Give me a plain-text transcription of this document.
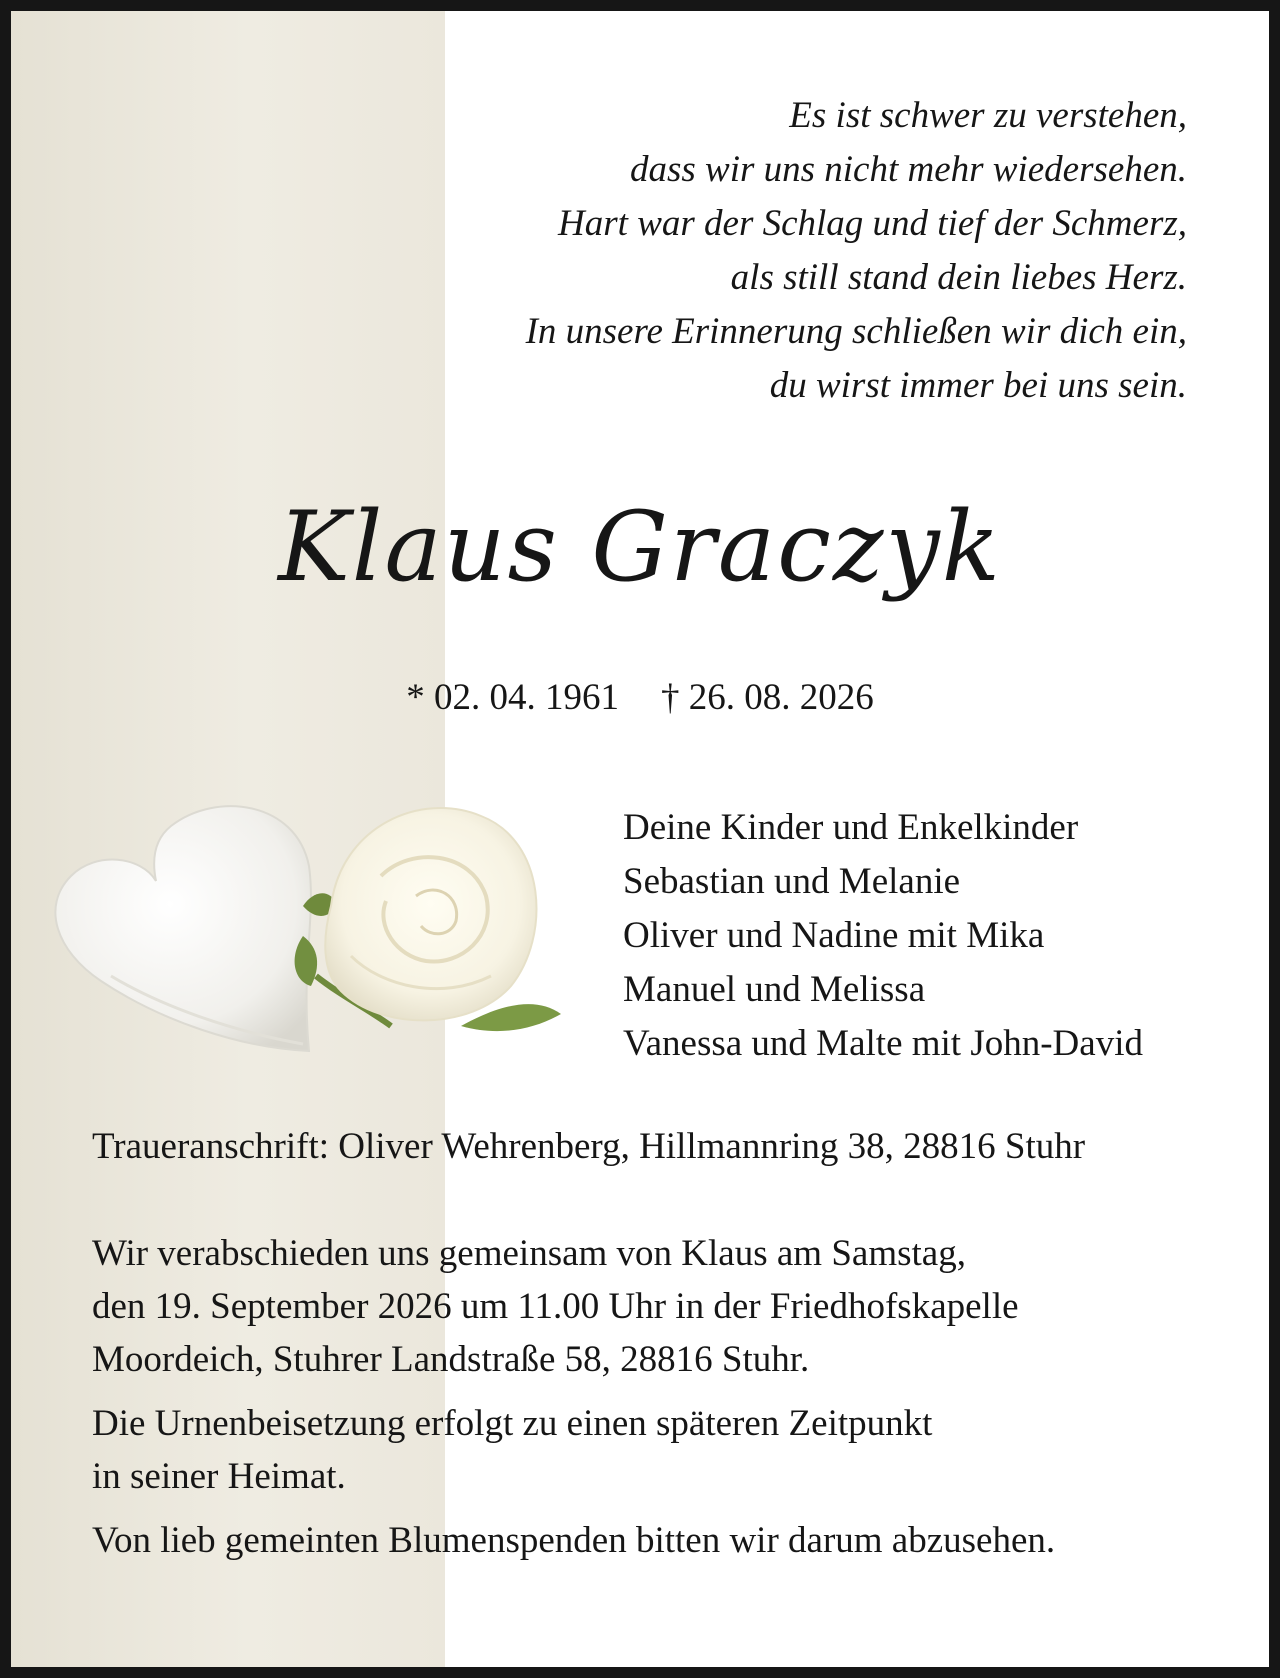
Es ist schwer zu verstehen,
dass wir uns nicht mehr wiedersehen.
Hart war der Schlag und tief der Schmerz,
als still stand dein liebes Herz.
In unsere Erinnerung schließen wir dich ein,
du wirst immer bei uns sein.
Klaus Graczyk
* 02. 04. 1961 † 26. 08. 2026
Deine Kinder und Enkelkinder
Sebastian und Melanie
Oliver und Nadine mit Mika
Manuel und Melissa
Vanessa und Malte mit John-David
Traueranschrift: Oliver Wehrenberg, Hillmannring 38, 28816 Stuhr

Wir verabschieden uns gemeinsam von Klaus am Samstag,
den 19. September 2026 um 11.00 Uhr in der Friedhofskapelle
Moordeich, Stuhrer Landstraße 58, 28816 Stuhr.

Die Urnenbeisetzung erfolgt zu einen späteren Zeitpunkt
in seiner Heimat.

Von lieb gemeinten Blumenspenden bitten wir darum abzusehen.
